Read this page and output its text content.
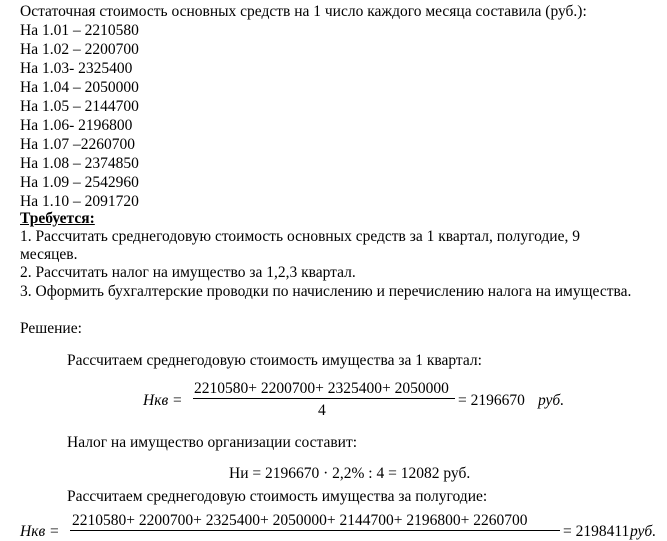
Остаточная стоимость основных средств на 1 число каждого месяца составила (руб.):
На 1.01 – 2210580
На 1.02 – 2200700
На 1.03- 2325400
На 1.04 – 2050000
На 1.05 – 2144700
На 1.06- 2196800
На 1.07 –2260700
На 1.08 – 2374850
На 1.09 – 2542960
На 1.10 – 2091720
Требуется:
1. Рассчитать среднегодовую стоимость основных средств за 1 квартал, полугодие, 9 месяцев.
2. Рассчитать налог на имущество за 1,2,3 квартал.
3. Оформить бухгалтерские проводки по начислению и перечислению налога на имущества.
Решение:
Рассчитаем среднегодовую стоимость имущества за 1 квартал:
Нкв =
2210580+ 2200700+ 2325400+ 2050000
4
= 2196670 руб.
Налог на имущество организации составит:
Ни = 2196670 · 2,2% : 4 = 12082 руб.
Рассчитаем среднегодовую стоимость имущества за полугодие:
Нкв =
2210580+ 2200700+ 2325400+ 2050000+ 2144700+ 2196800+ 2260700
= 2198411 руб.
